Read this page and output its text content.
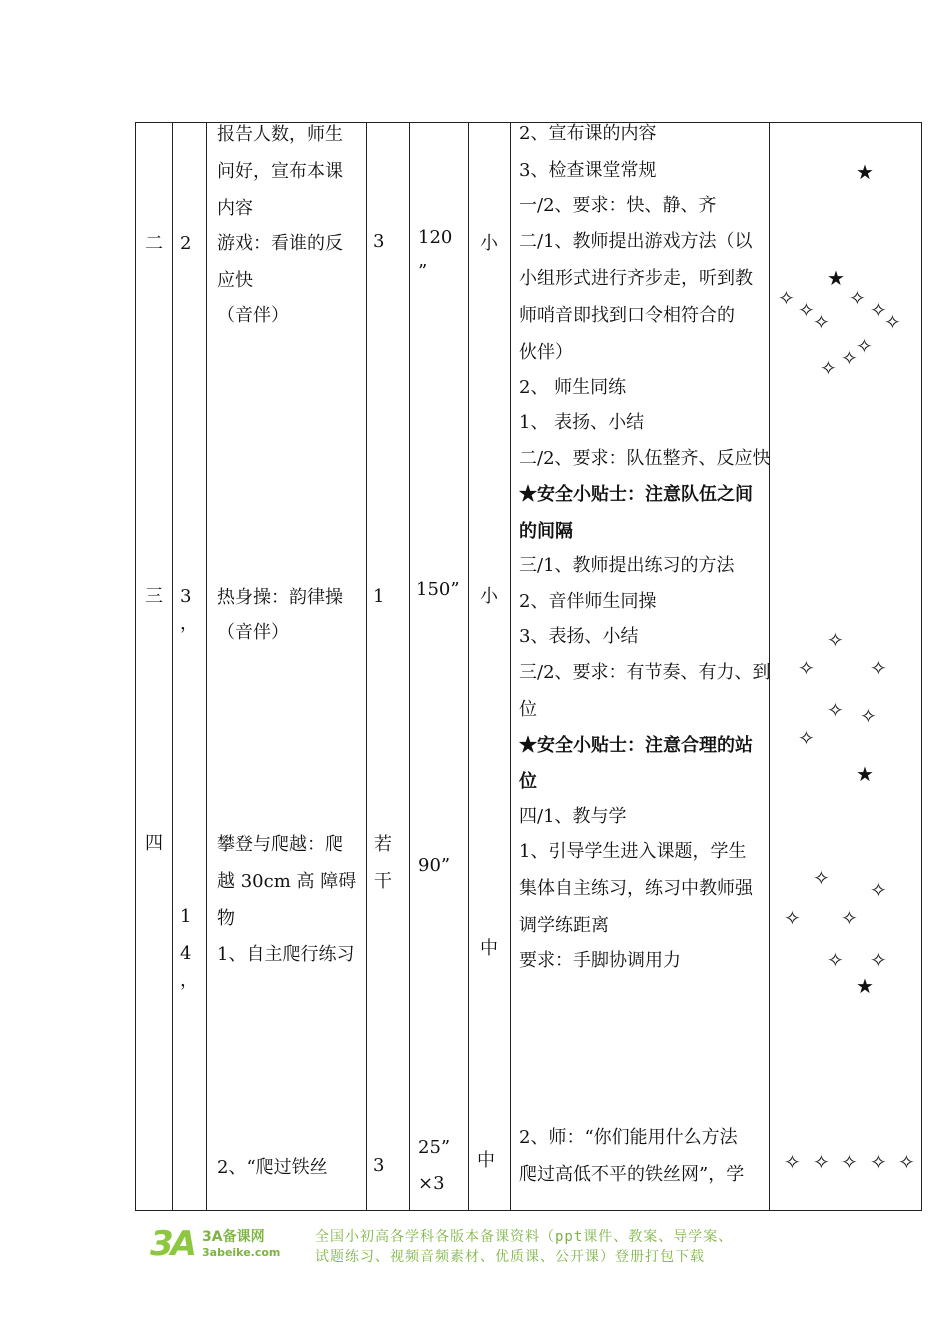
二
三
四
2
3
，
1
4
，
报告人数，师生
问好，宣布本课
内容
游戏：看谁的反
应快
（音伴）
热身操：韵律操
（音伴）
攀登与爬越：爬
越 30cm 高 障碍
物
1、自主爬行练习
2、“爬过铁丝
3
1
若
干
3
120
”
150”
90”
25”
×3
小
小
中
中
2、宣布课的内容
3、检查课堂常规
一/2、要求：快、静、齐
二/1、教师提出游戏方法（以
小组形式进行齐步走，听到教
师哨音即找到口令相符合的
伙伴）
2、 师生同练
1、 表扬、小结
二/2、要求：队伍整齐、反应快
★安全小贴士：注意队伍之间
的间隔
三/1、教师提出练习的方法
2、音伴师生同操
3、表扬、小结
三/2、要求：有节奏、有力、到
位
★安全小贴士：注意合理的站
位
四/1、教与学
1、引导学生进入课题，学生
集体自主练习，练习中教师强
调学练距离
要求：手脚协调用力
2、师：“你们能用什么方法
爬过高低不平的铁丝网”，学
★
★
✧ ✧
✧
✧ ✧
✧
✧
✧
✧
✧
✧	✧
✧ ✧
✧
★
✧ ✧
✧ ✧
✧ ✧
★
✧ ✧ ✧ ✧ ✧
3A 3A备课网
3abeike.com
全国小初高各学科各版本备课资料（ppt课件、教案、导学案、
试题练习、视频音频素材、优质课、公开课）登册打包下载
